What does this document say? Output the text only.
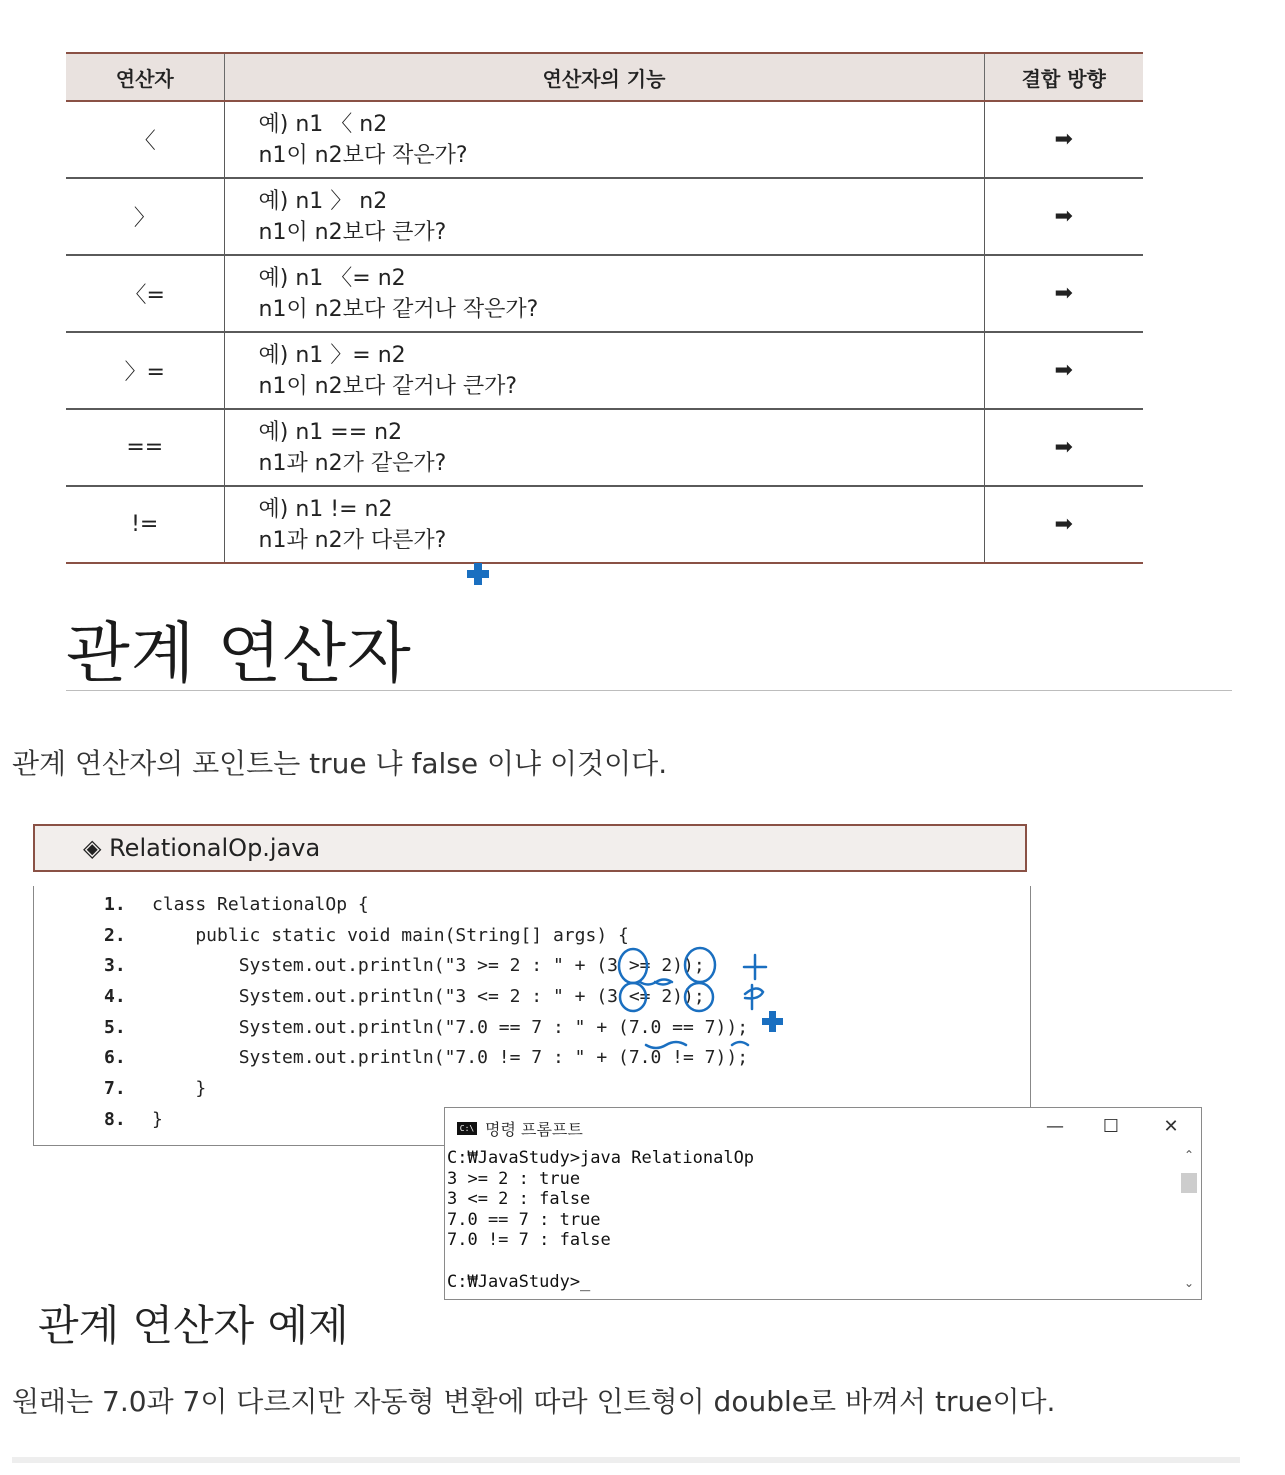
연산자	연산자의 기능	결합 방향
〈	예) n1 〈 n2
n1이 n2보다 작은가?	➡
〉	예) n1 〉 n2
n1이 n2보다 큰가?	➡
〈=	예) n1 〈= n2
n1이 n2보다 같거나 작은가?	➡
〉=	예) n1 〉= n2
n1이 n2보다 같거나 큰가?	➡
==	예) n1 == n2
n1과 n2가 같은가?	➡
!=	예) n1 != n2
n1과 n2가 다른가?	➡
관계 연산자

관계 연산자의 포인트는 true 냐 false 이냐 이것이다.

◈ RelationalOp.java
1. class RelationalOp {
2.    public static void main(String[] args) {
3.        System.out.println("3 >= 2 : " + (3 >= 2));
4.        System.out.println("3 <= 2 : " + (3 <= 2));
5.        System.out.println("7.0 == 7 : " + (7.0 == 7));
6.        System.out.println("7.0 != 7 : " + (7.0 != 7));
7.    }
8. }	C:\ 명령 프롬프트	—	☐	✕
C:₩JavaStudy>java RelationalOp
3 >= 2 : true
3 <= 2 : false
7.0 == 7 : true
7.0 != 7 : false

C:₩JavaStudy>_
⌃
⌄
관계 연산자 예제

원래는 7.0과 7이 다르지만 자동형 변환에 따라 인트형이 double로 바껴서 true이다.
